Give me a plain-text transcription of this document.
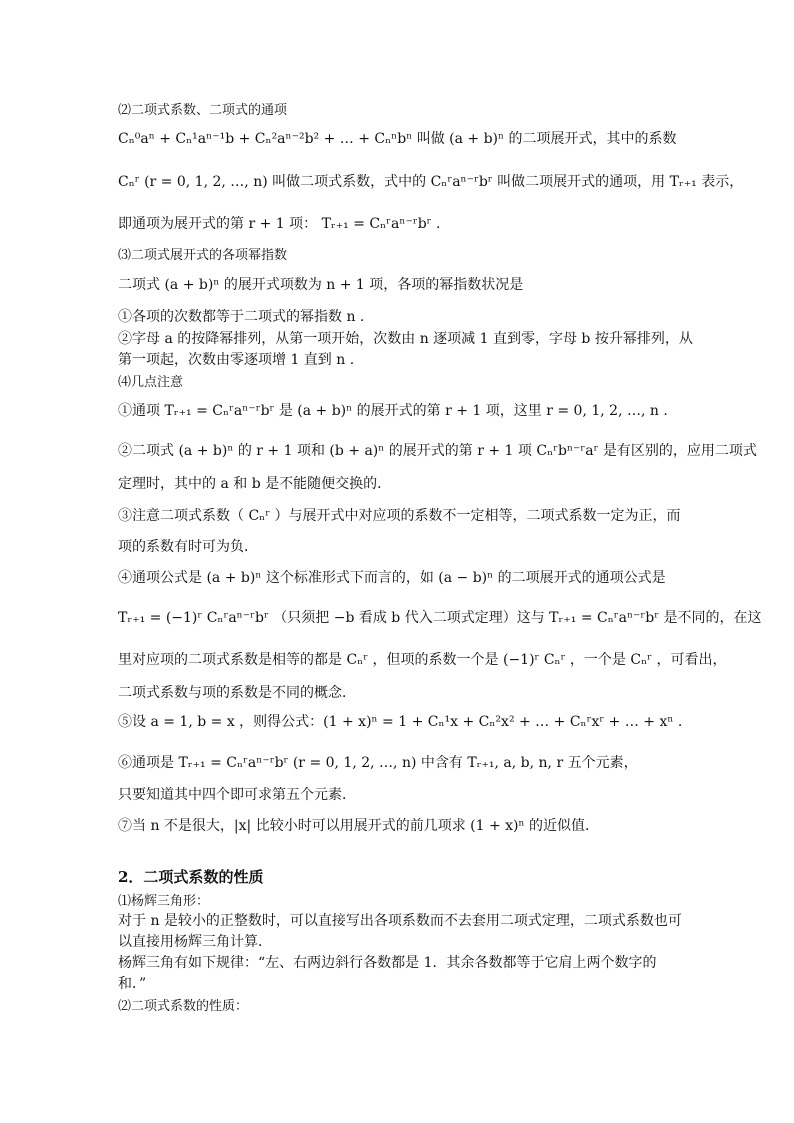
⑵二项式系数、二项式的通项
Cₙ⁰aⁿ + Cₙ¹aⁿ⁻¹b + Cₙ²aⁿ⁻²b² + … + Cₙⁿbⁿ 叫做 (a + b)ⁿ 的二项展开式，其中的系数
Cₙʳ (r = 0, 1, 2, …, n) 叫做二项式系数，式中的 Cₙʳaⁿ⁻ʳbʳ 叫做二项展开式的通项，用 Tᵣ₊₁ 表示，
即通项为展开式的第 r + 1 项： Tᵣ₊₁ = Cₙʳaⁿ⁻ʳbʳ .
⑶二项式展开式的各项幂指数
二项式 (a + b)ⁿ 的展开式项数为 n + 1 项，各项的幂指数状况是
①各项的次数都等于二项式的幂指数 n .
②字母 a 的按降幂排列，从第一项开始，次数由 n 逐项减 1 直到零，字母 b 按升幂排列，从
第一项起，次数由零逐项增 1 直到 n .
⑷几点注意
①通项 Tᵣ₊₁ = Cₙʳaⁿ⁻ʳbʳ 是 (a + b)ⁿ 的展开式的第 r + 1 项，这里 r = 0, 1, 2, …, n .
②二项式 (a + b)ⁿ 的 r + 1 项和 (b + a)ⁿ 的展开式的第 r + 1 项 Cₙʳbⁿ⁻ʳaʳ 是有区别的，应用二项式
定理时，其中的 a 和 b 是不能随便交换的．
③注意二项式系数（ Cₙʳ ）与展开式中对应项的系数不一定相等，二项式系数一定为正，而
项的系数有时可为负．
④通项公式是 (a + b)ⁿ 这个标准形式下而言的，如 (a − b)ⁿ 的二项展开式的通项公式是
Tᵣ₊₁ = (−1)ʳ Cₙʳaⁿ⁻ʳbʳ （只须把 −b 看成 b 代入二项式定理）这与 Tᵣ₊₁ = Cₙʳaⁿ⁻ʳbʳ 是不同的，在这
里对应项的二项式系数是相等的都是 Cₙʳ ，但项的系数一个是 (−1)ʳ Cₙʳ ，一个是 Cₙʳ ，可看出，
二项式系数与项的系数是不同的概念．
⑤设 a = 1, b = x ，则得公式：(1 + x)ⁿ = 1 + Cₙ¹x + Cₙ²x² + … + Cₙʳxʳ + … + xⁿ .
⑥通项是 Tᵣ₊₁ = Cₙʳaⁿ⁻ʳbʳ (r = 0, 1, 2, …, n) 中含有 Tᵣ₊₁, a, b, n, r 五个元素，
只要知道其中四个即可求第五个元素．
⑦当 n 不是很大，|x| 比较小时可以用展开式的前几项求 (1 + x)ⁿ 的近似值．
2．二项式系数的性质
⑴杨辉三角形：
对于 n 是较小的正整数时，可以直接写出各项系数而不去套用二项式定理，二项式系数也可
以直接用杨辉三角计算．
杨辉三角有如下规律：“左、右两边斜行各数都是 1．其余各数都等于它肩上两个数字的
和．”
⑵二项式系数的性质：
